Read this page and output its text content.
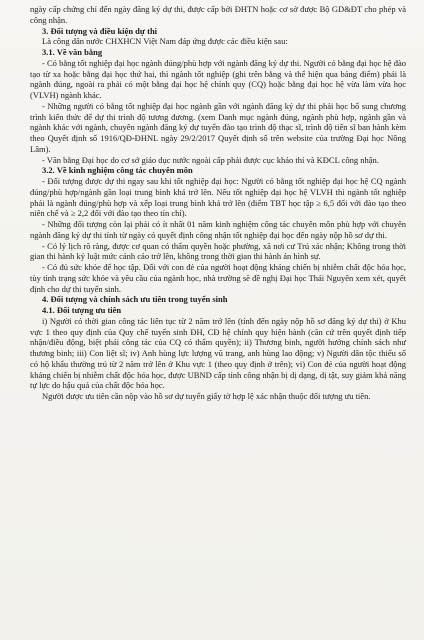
ngày cấp chứng chỉ đến ngày đăng ký dự thi, được cấp bởi ĐHTN hoặc cơ sở được Bộ GD&ĐT cho phép và công nhận.

3. Đối tượng và điều kiện dự thi

Là công dân nước CHXHCN Việt Nam đáp ứng được các điều kiện sau:

3.1. Về văn bằng

- Có bằng tốt nghiệp đại học ngành đúng/phù hợp với ngành đăng ký dự thi. Người có bằng đại học hệ đào tạo từ xa hoặc bằng đại học thứ hai, thì ngành tốt nghiệp (ghi trên bằng và thể hiện qua bảng điểm) phải là ngành đúng, ngoài ra phải có một bằng đại học hệ chính quy (CQ) hoặc bằng đại học hệ vừa làm vừa học (VLVH) ngành khác.

- Những người có bằng tốt nghiệp đại học ngành gần với ngành đăng ký dự thi phải học bổ sung chương trình kiến thức để dự thi trình độ tương đương. (xem Danh mục ngành đúng, ngành phù hợp, ngành gần và ngành khác với ngành, chuyên ngành đăng ký dự tuyển đào tạo trình độ thạc sĩ, trình độ tiến sĩ ban hành kèm theo Quyết định số 1916/QĐ-ĐHNL ngày 29/2/2017 Quyết định số trên website của trường Đại học Nông Lâm).

- Văn bằng Đại học do cơ sở giáo dục nước ngoài cấp phải được cục khảo thí và KĐCL công nhận.

3.2. Về kinh nghiệm công tác chuyên môn

- Đối tượng được dự thi ngay sau khi tốt nghiệp đại học: Người có bằng tốt nghiệp đại học hệ CQ ngành đúng/phù hợp/ngành gần loại trung bình khá trở lên. Nếu tốt nghiệp đại học hệ VLVH thì ngành tốt nghiệp phải là ngành đúng/phù hợp và xếp loại trung bình khá trở lên (điểm TBT học tập ≥ 6,5 đối với đào tạo theo niên chế và ≥ 2,2 đối với đào tạo theo tín chỉ).

- Những đối tượng còn lại phải có ít nhất 01 năm kinh nghiệm công tác chuyên môn phù hợp với chuyên ngành đăng ký dự thi tính từ ngày có quyết định công nhận tốt nghiệp đại học đến ngày nộp hồ sơ dự thi.

- Có lý lịch rõ ràng, được cơ quan có thẩm quyền hoặc phường, xã nơi cư Trú xác nhận; Không trong thời gian thi hành kỷ luật mức cảnh cáo trở lên, không trong thời gian thi hành án hình sự.

- Có đủ sức khỏe để học tập. Đối với con đẻ của người hoạt động kháng chiến bị nhiễm chất độc hóa học, tùy tình trạng sức khỏe và yêu cầu của ngành học, nhà trường sẽ đề nghị Đại học Thái Nguyên xem xét, quyết định cho dự thi tuyển sinh.

4. Đối tượng và chính sách ưu tiên trong tuyển sinh

4.1. Đối tượng ưu tiên

i) Người có thời gian công tác liên tục từ 2 năm trở lên (tính đến ngày nộp hồ sơ đăng ký dự thi) ở Khu vực 1 theo quy định của Quy chế tuyển sinh ĐH, CĐ hệ chính quy hiện hành (căn cứ trên quyết định tiếp nhận/điều động, biệt phái công tác của CQ có thẩm quyền); ii) Thương binh, người hưởng chính sách như thương binh; iii) Con liệt sĩ; iv) Anh hùng lực lượng vũ trang, anh hùng lao động; v) Người dân tộc thiểu số có hộ khẩu thường trú từ 2 năm trở lên ở Khu vực 1 (theo quy định ở trên); vi) Con đẻ của người hoạt động kháng chiến bị nhiễm chất độc hóa học, được UBND cấp tỉnh công nhận bị dị dạng, dị tật, suy giảm khả năng tự lực do hậu quả của chất độc hóa học.

Người được ưu tiên cần nộp vào hồ sơ dự tuyển giấy tờ hợp lệ xác nhận thuộc đối tượng ưu tiên.
